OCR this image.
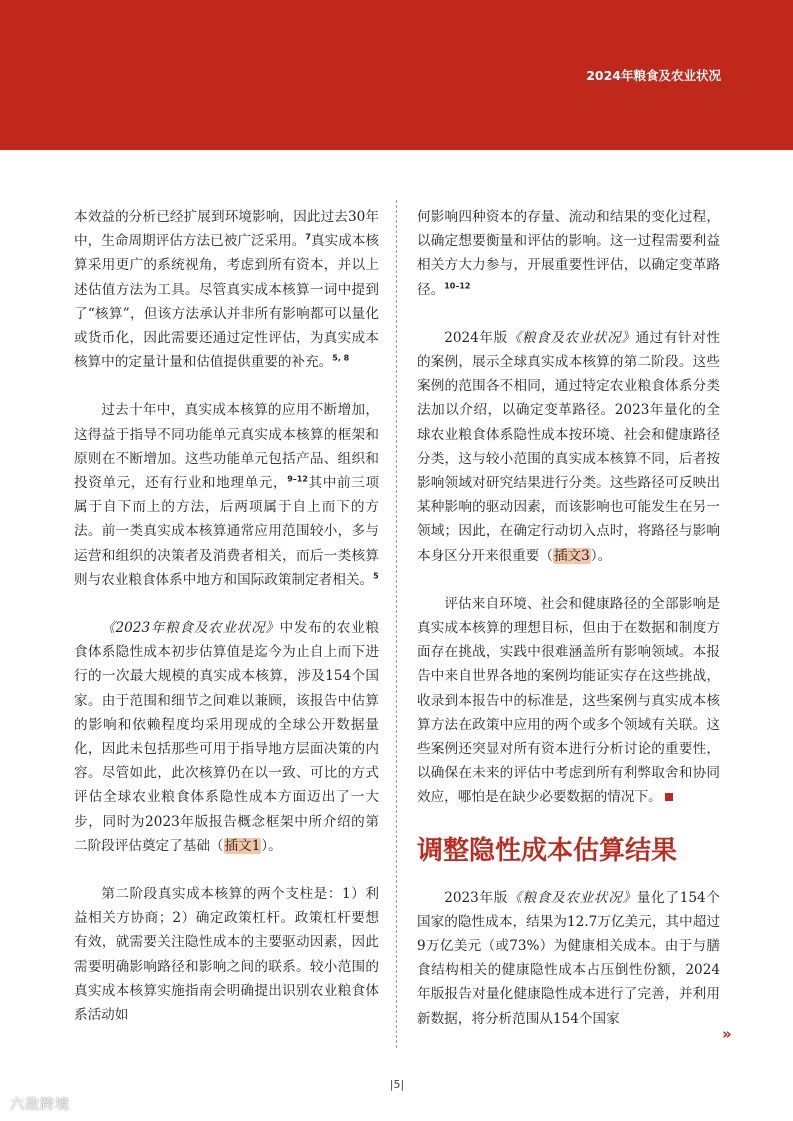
2024年粮食及农业状况

本效益的分析已经扩展到环境影响，因此过去30年中，生命周期评估方法已被广泛采用。$^7$真实成本核算采用更广的系统视角，考虑到所有资本，并以上述估值方法为工具。尽管真实成本核算一词中提到了“核算”，但该方法承认并非所有影响都可以量化或货币化，因此需要还通过定性评估，为真实成本核算中的定量计量和估值提供重要的补充。$^{5, 8}$

过去十年中，真实成本核算的应用不断增加，这得益于指导不同功能单元真实成本核算的框架和原则在不断增加。这些功能单元包括产品、组织和投资单元，还有行业和地理单元，$^{9-12}$其中前三项属于自下而上的方法，后两项属于自上而下的方法。前一类真实成本核算通常应用范围较小，多与运营和组织的决策者及消费者相关，而后一类核算则与农业粮食体系中地方和国际政策制定者相关。$^5$

《2023年粮食及农业状况》中发布的农业粮食体系隐性成本初步估算值是迄今为止自上而下进行的一次最大规模的真实成本核算，涉及154个国家。由于范围和细节之间难以兼顾，该报告中估算的影响和依赖程度均采用现成的全球公开数据量化，因此未包括那些可用于指导地方层面决策的内容。尽管如此，此次核算仍在以一致、可比的方式评估全球农业粮食体系隐性成本方面迈出了一大步，同时为2023年版报告概念框架中所介绍的第二阶段评估奠定了基础（插文1）。

第二阶段真实成本核算的两个支柱是：1）利益相关方协商；2）确定政策杠杆。政策杠杆要想有效，就需要关注隐性成本的主要驱动因素，因此需要明确影响路径和影响之间的联系。较小范围的真实成本核算实施指南会明确提出识别农业粮食体系活动如

何影响四种资本的存量、流动和结果的变化过程，以确定想要衡量和评估的影响。这一过程需要利益相关方大力参与，开展重要性评估，以确定变革路径。$^{10-12}$

2024年版《粮食及农业状况》通过有针对性的案例，展示全球真实成本核算的第二阶段。这些案例的范围各不相同，通过特定农业粮食体系分类法加以介绍，以确定变革路径。2023年量化的全球农业粮食体系隐性成本按环境、社会和健康路径分类，这与较小范围的真实成本核算不同，后者按影响领域对研究结果进行分类。这些路径可反映出某种影响的驱动因素，而该影响也可能发生在另一领域；因此，在确定行动切入点时，将路径与影响本身区分开来很重要（插文3）。

评估来自环境、社会和健康路径的全部影响是真实成本核算的理想目标，但由于在数据和制度方面存在挑战，实践中很难涵盖所有影响领域。本报告中来自世界各地的案例均能证实存在这些挑战，收录到本报告中的标准是，这些案例与真实成本核算方法在政策中应用的两个或多个领域有关联。这些案例还突显对所有资本进行分析讨论的重要性，以确保在未来的评估中考虑到所有利弊取舍和协同效应，哪怕是在缺少必要数据的情况下。

调整隐性成本估算结果

2023年版《粮食及农业状况》量化了154个国家的隐性成本，结果为12.7万亿美元，其中超过9万亿美元（或73%）为健康相关成本。由于与膳食结构相关的健康隐性成本占压倒性份额，2024年版报告对量化健康隐性成本进行了完善，并利用新数据，将分析范围从154个国家

»
|5|
六敌跨境
